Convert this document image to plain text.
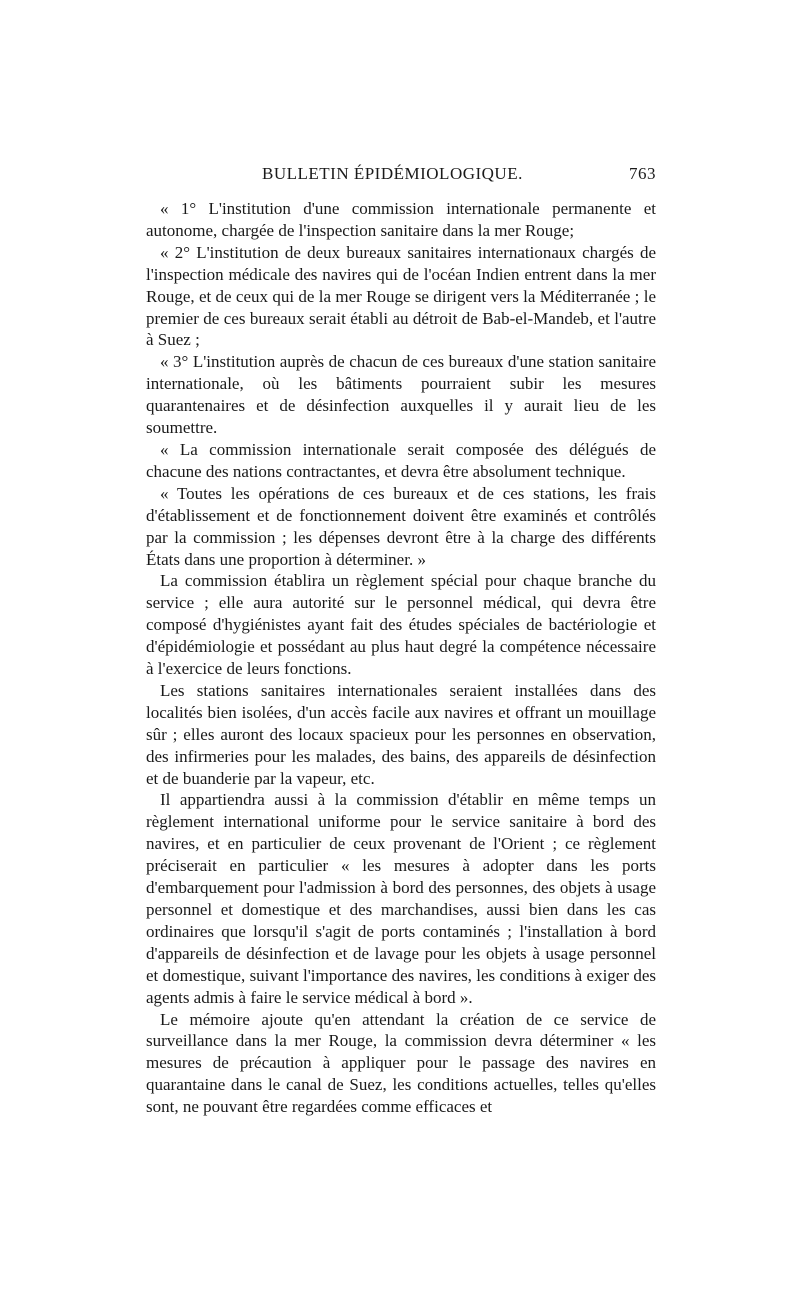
BULLETIN ÉPIDÉMIOLOGIQUE.	763

« 1° L'institution d'une commission internationale permanente et autonome, chargée de l'inspection sanitaire dans la mer Rouge;

« 2° L'institution de deux bureaux sanitaires internationaux chargés de l'inspection médicale des navires qui de l'océan Indien entrent dans la mer Rouge, et de ceux qui de la mer Rouge se dirigent vers la Méditerranée ; le premier de ces bureaux serait établi au détroit de Bab-el-Mandeb, et l'autre à Suez ;

« 3° L'institution auprès de chacun de ces bureaux d'une station sanitaire internationale, où les bâtiments pourraient subir les mesures quarantenaires et de désinfection auxquelles il y aurait lieu de les soumettre.

« La commission internationale serait composée des délégués de chacune des nations contractantes, et devra être absolument technique.

« Toutes les opérations de ces bureaux et de ces stations, les frais d'établissement et de fonctionnement doivent être examinés et contrôlés par la commission ; les dépenses devront être à la charge des différents États dans une proportion à déterminer. »

La commission établira un règlement spécial pour chaque branche du service ; elle aura autorité sur le personnel médical, qui devra être composé d'hygiénistes ayant fait des études spéciales de bactériologie et d'épidémiologie et possédant au plus haut degré la compétence nécessaire à l'exercice de leurs fonctions.

Les stations sanitaires internationales seraient installées dans des localités bien isolées, d'un accès facile aux navires et offrant un mouillage sûr ; elles auront des locaux spacieux pour les personnes en observation, des infirmeries pour les malades, des bains, des appareils de désinfection et de buanderie par la vapeur, etc.

Il appartiendra aussi à la commission d'établir en même temps un règlement international uniforme pour le service sanitaire à bord des navires, et en particulier de ceux provenant de l'Orient ; ce règlement préciserait en particulier « les mesures à adopter dans les ports d'embarquement pour l'admission à bord des personnes, des objets à usage personnel et domestique et des marchandises, aussi bien dans les cas ordinaires que lorsqu'il s'agit de ports contaminés ; l'installation à bord d'appareils de désinfection et de lavage pour les objets à usage personnel et domestique, suivant l'importance des navires, les conditions à exiger des agents admis à faire le service médical à bord ».

Le mémoire ajoute qu'en attendant la création de ce service de surveillance dans la mer Rouge, la commission devra déterminer « les mesures de précaution à appliquer pour le passage des navires en quarantaine dans le canal de Suez, les conditions actuelles, telles qu'elles sont, ne pouvant être regardées comme efficaces et
